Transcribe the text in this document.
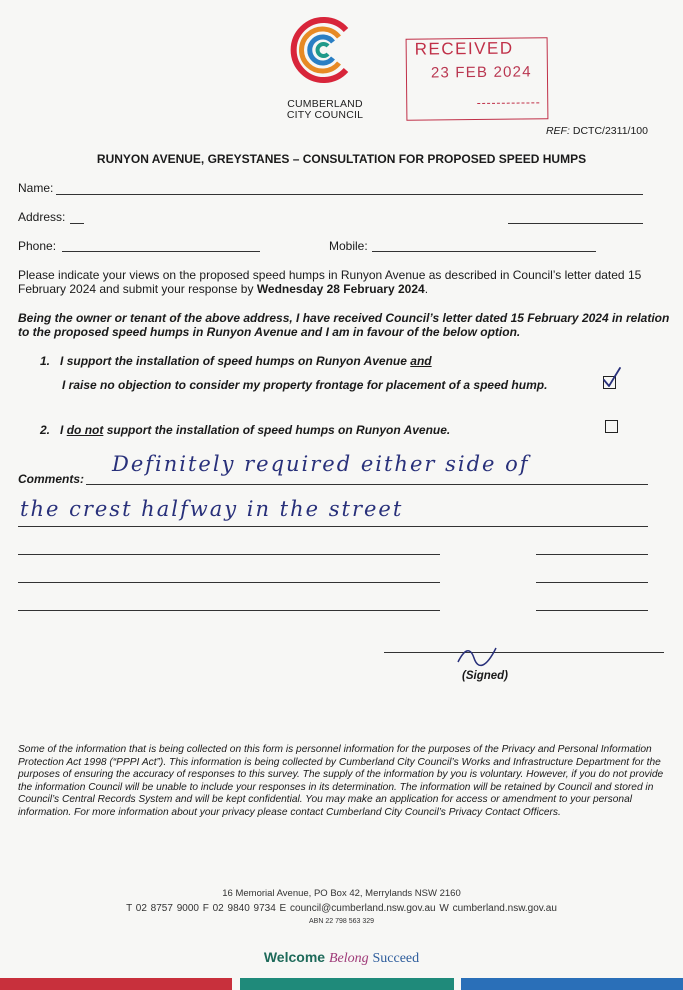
CUMBERLAND
CITY COUNCIL
RECEIVED
23 FEB 2024
REF: DCTC/2311/100
RUNYON AVENUE, GREYSTANES – CONSULTATION FOR PROPOSED SPEED HUMPS
Name:
Address:
Phone:	Mobile:
Please indicate your views on the proposed speed humps in Runyon Avenue as described in Council’s letter dated 15 February 2024 and submit your response by Wednesday 28 February 2024.
Being the owner or tenant of the above address, I have received Council’s letter dated 15 February 2024 in relation to the proposed speed humps in Runyon Avenue and I am in favour of the below option.
1. I support the installation of speed humps on Runyon Avenue and
I raise no objection to consider my property frontage for placement of a speed hump.
2. I do not support the installation of speed humps on Runyon Avenue.
Comments:
Definitely required either side of
the crest halfway in the street
(Signed)
Some of the information that is being collected on this form is personnel information for the purposes of the Privacy and Personal Information Protection Act 1998 (“PPPI Act”). This information is being collected by Cumberland City Council’s Works and Infrastructure Department for the purposes of ensuring the accuracy of responses to this survey. The supply of the information by you is voluntary. However, if you do not provide the information Council will be unable to include your responses in its determination. The information will be retained by Council and stored in Council’s Central Records System and will be kept confidential. You may make an application for access or amendment to your personal information. For more information about your privacy please contact Cumberland City Council’s Privacy Contact Officers.
16 Memorial Avenue, PO Box 42, Merrylands NSW 2160
T 02 8757 9000 F 02 9840 9734 E council@cumberland.nsw.gov.au W cumberland.nsw.gov.au
ABN 22 798 563 329
Welcome Belong Succeed
